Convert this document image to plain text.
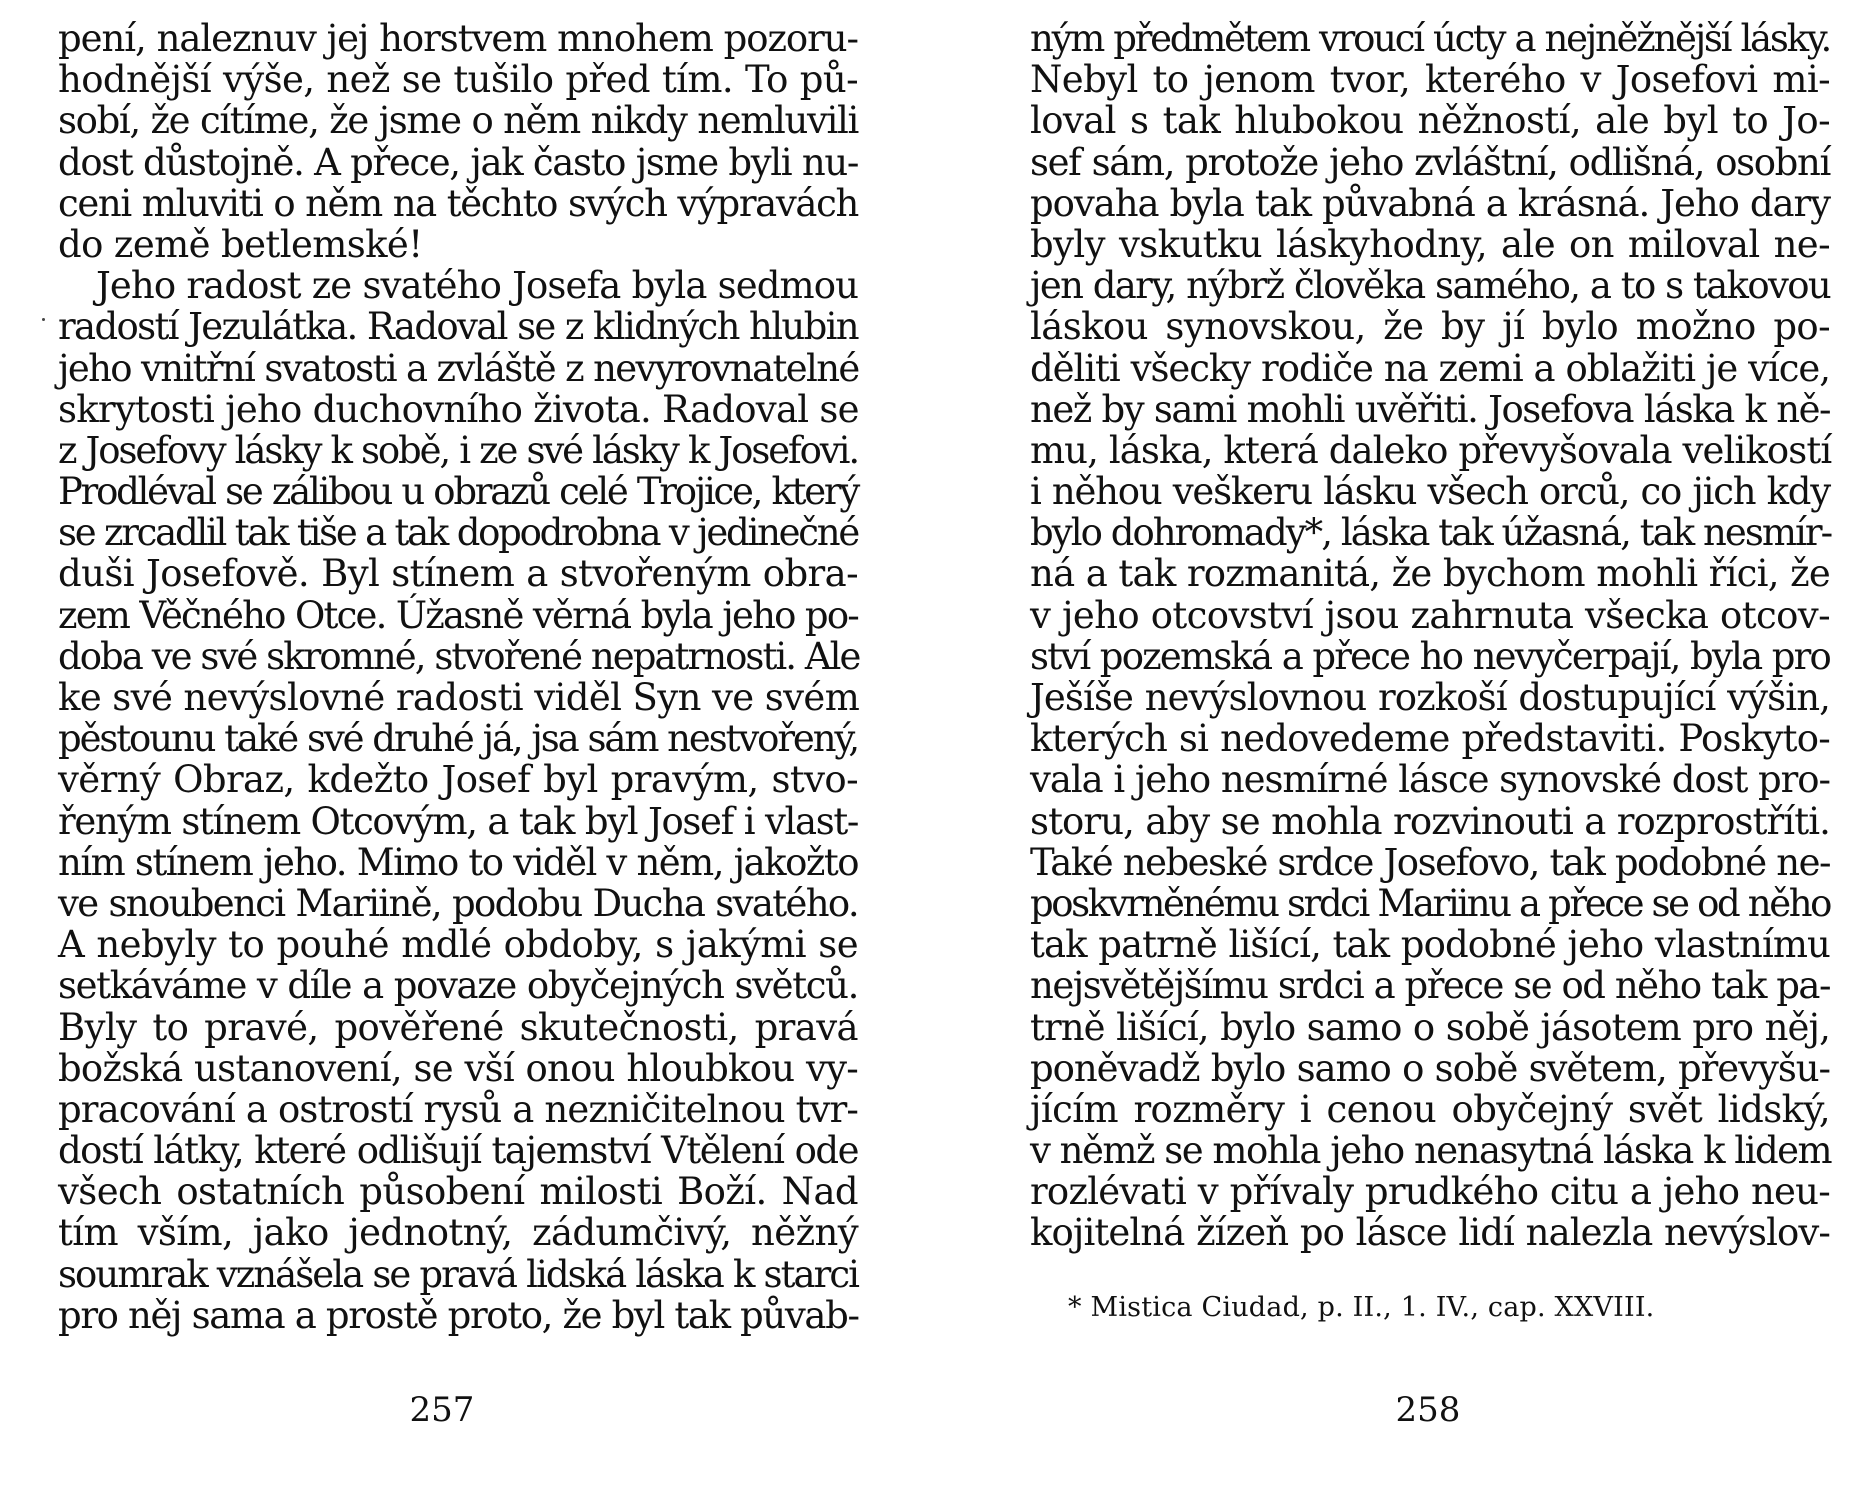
pení, naleznuv jej horstvem mnohem pozoru-
hodnější výše, než se tušilo před tím. To pů-
sobí, že cítíme, že jsme o něm nikdy nemluvili
dost důstojně. A přece, jak často jsme byli nu-
ceni mluviti o něm na těchto svých výpravách
do země betlemské!
Jeho radost ze svatého Josefa byla sedmou
radostí Jezulátka. Radoval se z klidných hlubin
jeho vnitřní svatosti a zvláště z nevyrovnatelné
skrytosti jeho duchovního života. Radoval se
z Josefovy lásky k sobě, i ze své lásky k Josefovi.
Prodléval se zálibou u obrazů celé Trojice, který
se zrcadlil tak tiše a tak dopodrobna v jedinečné
duši Josefově. Byl stínem a stvořeným obra-
zem Věčného Otce. Úžasně věrná byla jeho po-
doba ve své skromné, stvořené nepatrnosti. Ale
ke své nevýslovné radosti viděl Syn ve svém
pěstounu také své druhé já, jsa sám nestvořený,
věrný Obraz, kdežto Josef byl pravým, stvo-
řeným stínem Otcovým, a tak byl Josef i vlast-
ním stínem jeho. Mimo to viděl v něm, jakožto
ve snoubenci Mariině, podobu Ducha svatého.
A nebyly to pouhé mdlé obdoby, s jakými se
setkáváme v díle a povaze obyčejných světců.
Byly to pravé, pověřené skutečnosti, pravá
božská ustanovení, se vší onou hloubkou vy-
pracování a ostrostí rysů a nezničitelnou tvr-
dostí látky, které odlišují tajemství Vtělení ode
všech ostatních působení milosti Boží. Nad
tím vším, jako jednotný, zádumčivý, něžný
soumrak vznášela se pravá lidská láska k starci
pro něj sama a prostě proto, že byl tak půvab-
257
ným předmětem vroucí úcty a nejněžnější lásky.
Nebyl to jenom tvor, kterého v Josefovi mi-
loval s tak hlubokou něžností, ale byl to Jo-
sef sám, protože jeho zvláštní, odlišná, osobní
povaha byla tak půvabná a krásná. Jeho dary
byly vskutku láskyhodny, ale on miloval ne-
jen dary, nýbrž člověka samého, a to s takovou
láskou synovskou, že by jí bylo možno po-
děliti všecky rodiče na zemi a oblažiti je více,
než by sami mohli uvěřiti. Josefova láska k ně-
mu, láska, která daleko převyšovala velikostí
i něhou veškeru lásku všech orců, co jich kdy
bylo dohromady*, láska tak úžasná, tak nesmír-
ná a tak rozmanitá, že bychom mohli říci, že
v jeho otcovství jsou zahrnuta všecka otcov-
ství pozemská a přece ho nevyčerpají, byla pro
Ješíše nevýslovnou rozkoší dostupující výšin,
kterých si nedovedeme představiti. Poskyto-
vala i jeho nesmírné lásce synovské dost pro-
storu, aby se mohla rozvinouti a rozprostříti.
Také nebeské srdce Josefovo, tak podobné ne-
poskvrněnému srdci Mariinu a přece se od něho
tak patrně lišící, tak podobné jeho vlastnímu
nejsvětějšímu srdci a přece se od něho tak pa-
trně lišící, bylo samo o sobě jásotem pro něj,
poněvadž bylo samo o sobě světem, převyšu-
jícím rozměry i cenou obyčejný svět lidský,
v němž se mohla jeho nenasytná láska k lidem
rozlévati v přívaly prudkého citu a jeho neu-
kojitelná žízeň po lásce lidí nalezla nevýslov-
* Mistica Ciudad, p. II., 1. IV., cap. XXVIII.
258
